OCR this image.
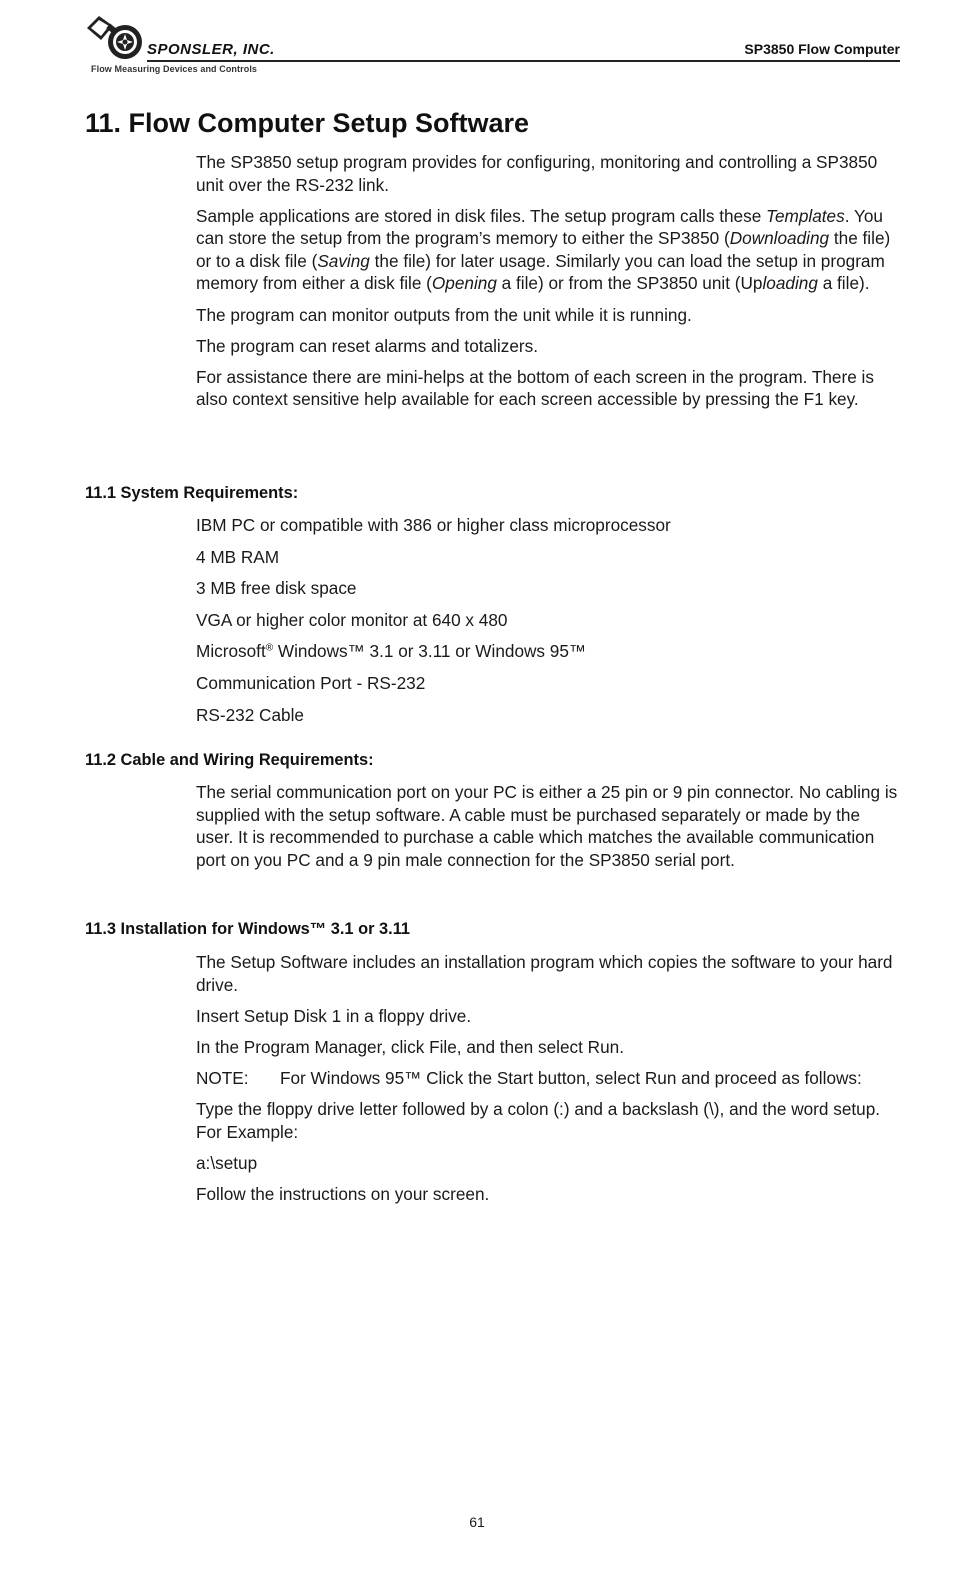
SPONSLER, INC.
Flow Measuring Devices and Controls
SP3850 Flow Computer
11. Flow Computer Setup Software

The SP3850 setup program provides for configuring, monitoring and controlling a SP3850 unit over the RS-232 link.

Sample applications are stored in disk files. The setup program calls these Templates. You can store the setup from the program’s memory to either the SP3850 (Downloading the file) or to a disk file (Saving the file) for later usage. Similarly you can load the setup in program memory from either a disk file (Opening a file) or from the SP3850 unit (Uploading a file).

The program can monitor outputs from the unit while it is running.

The program can reset alarms and totalizers.

For assistance there are mini-helps at the bottom of each screen in the program. There is also context sensitive help available for each screen accessible by pressing the F1 key.

11.1 System Requirements:
IBM PC or compatible with 386 or higher class microprocessor
4 MB RAM
3 MB free disk space
VGA or higher color monitor at 640 x 480
Microsoft® Windows™ 3.1 or 3.11 or Windows 95™
Communication Port - RS-232
RS-232 Cable
11.2 Cable and Wiring Requirements:

The serial communication port on your PC is either a 25 pin or 9 pin connector. No cabling is supplied with the setup software. A cable must be purchased separately or made by the user. It is recommended to purchase a cable which matches the available communication port on you PC and a 9 pin male connection for the SP3850 serial port.

11.3 Installation for Windows™ 3.1 or 3.11

The Setup Software includes an installation program which copies the software to your hard drive.

Insert Setup Disk 1 in a floppy drive.

In the Program Manager, click File, and then select Run.

NOTE:	For Windows 95™ Click the Start button, select Run and proceed as follows:

Type the floppy drive letter followed by a colon (:) and a backslash (\), and the word setup. For Example:

a:\setup

Follow the instructions on your screen.

61
